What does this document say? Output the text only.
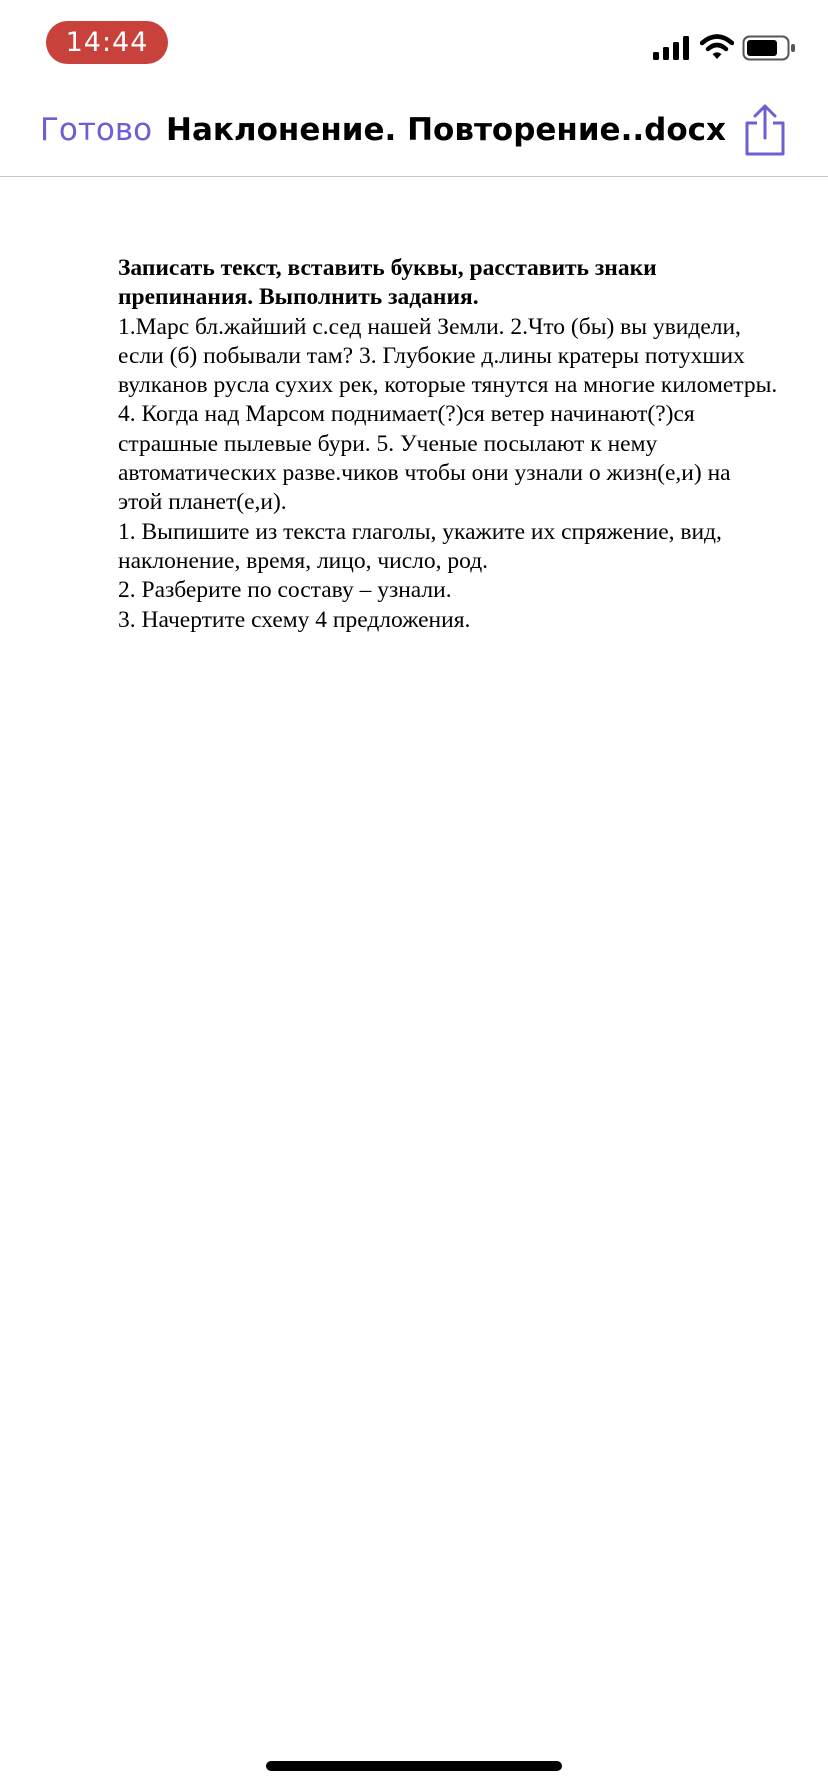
14:44
Готово Наклонение. Повторение..docx

Записать текст, вставить буквы, расставить знаки препинания. Выполнить задания.

1.Марс бл.жайший с.сед нашей Земли. 2.Что (бы) вы увидели, если (б) побывали там? 3. Глубокие д.лины кратеры потухших вулканов русла сухих рек, которые тянутся на многие километры. 4. Когда над Марсом поднимает(?)ся ветер начинают(?)ся страшные пылевые бури. 5. Ученые посылают к нему автоматических разве.чиков чтобы они узнали о жизн(е,и) на этой планет(е,и).

1. Выпишите из текста глаголы, укажите их спряжение, вид, наклонение, время, лицо, число, род.

2. Разберите по составу – узнали.

3. Начертите схему 4 предложения.
